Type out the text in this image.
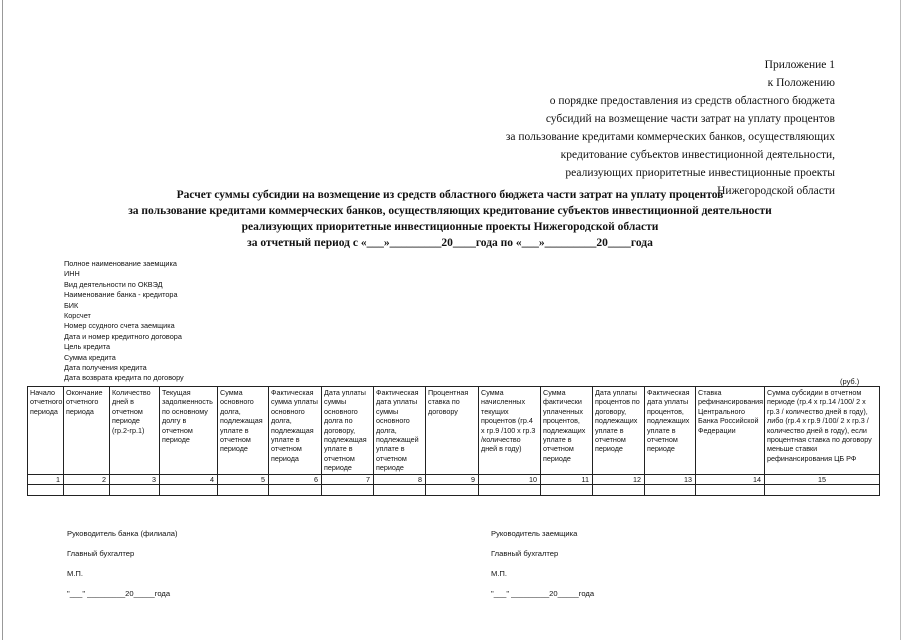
Приложение 1
к Положению
о порядке предоставления из средств областного бюджета
субсидий на возмещение части затрат на уплату процентов
за пользование кредитами коммерческих банков, осуществляющих
кредитование субъектов инвестиционной деятельности,
реализующих приоритетные инвестиционные проекты
Нижегородской области
Расчет суммы субсидии на возмещение из средств областного бюджета части затрат на уплату процентов
за пользование кредитами коммерческих банков, осуществляющих кредитование субъектов инвестиционной деятельности
реализующих приоритетные инвестиционные проекты Нижегородской области
за отчетный период с «___»_________20____года по «___»_________20____года
Полное наименование заемщика
ИНН
Вид деятельности по ОКВЭД
Наименование банка - кредитора
БИК
Корсчет
Номер ссудного счета заемщика
Дата и номер кредитного договора
Цель кредита
Сумма кредита
Дата получения кредита
Дата возврата кредита по договору	(руб.)
Начало отчетного периода	Окончание отчетного периода	Количество дней в отчетном периоде (гр.2-гр.1)	Текущая задолженность по основному долгу в отчетном периоде	Сумма основного долга, подлежащая уплате в отчетном периоде	Фактическая сумма уплаты основного долга, подлежащая уплате в отчетном периода	Дата уплаты суммы основного долга по договору, подлежащая уплате в отчетном периоде	Фактическая дата уплаты суммы основного долга, подлежащей уплате в отчетном периоде	Процентная ставка по договору	Сумма начисленных текущих процентов (гр.4 х гр.9 /100 х гр.3 /количество дней в году)	Сумма фактически уплаченных процентов, подлежащих уплате в отчетном периоде	Дата уплаты процентов по договору, подлежащих уплате в отчетном периоде	Фактическая дата уплаты процентов, подлежащих уплате в отчетном периоде	Ставка рефинансирования Центрального Банка Российской Федерации	Сумма субсидии в отчетном периоде (гр.4 х гр.14 /100/ 2 х гр.3 / количество дней в году), либо (гр.4 х гр.9 /100/ 2 х гр.3 / количество дней в году), если процентная ставка по договору меньше ставки рефинансирования ЦБ РФ
1	2	3	4	5	6	7	8	9	10	11	12	13	14	15

Руководитель банка (филиала)
Главный бухгалтер
М.П.
"___" _________20_____года
Руководитель заемщика
Главный бухгалтер
М.П.
"___" _________20_____года
